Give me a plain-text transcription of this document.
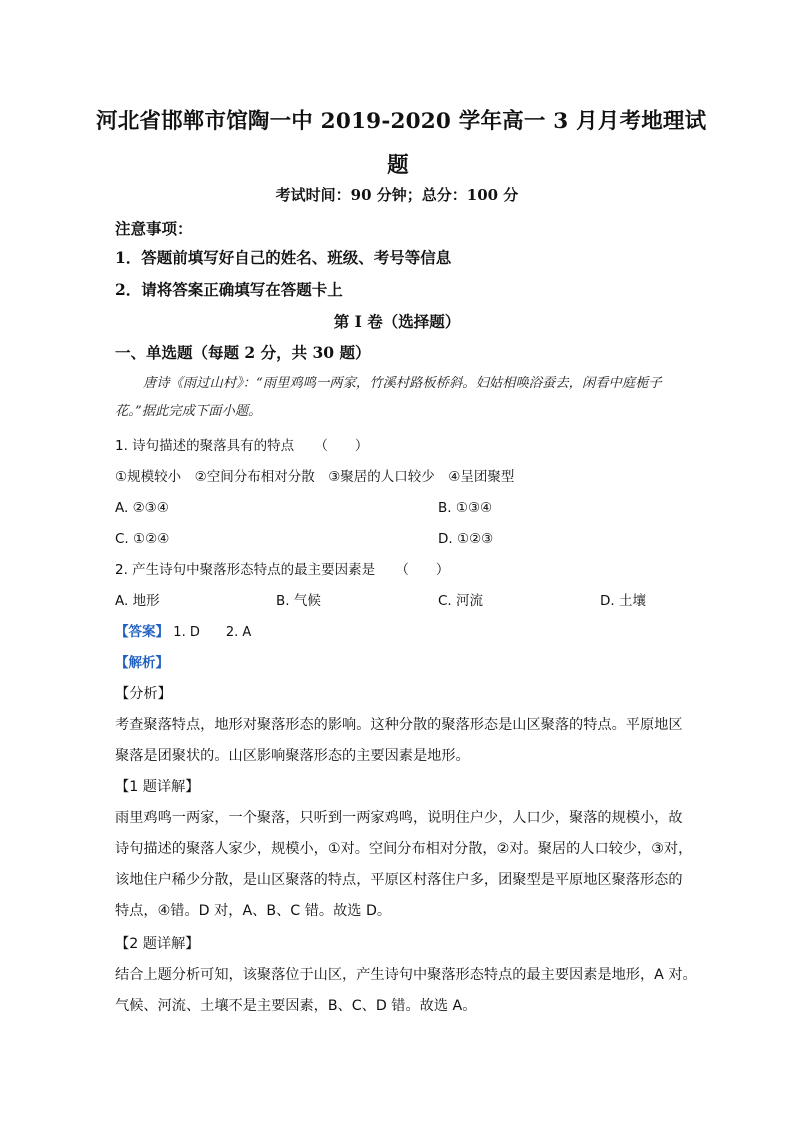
河北省邯郸市馆陶一中 2019-2020 学年高一 3 月月考地理试
题
考试时间：90 分钟；总分：100 分
注意事项：
1．答题前填写好自己的姓名、班级、考号等信息
2．请将答案正确填写在答题卡上
第 I 卷（选择题）
一、单选题（每题 2 分，共 30 题）
唐诗《雨过山村》：“雨里鸡鸣一两家，竹溪村路板桥斜。妇姑相唤浴蚕去，闲看中庭栀子
花。”据此完成下面小题。
1. 诗句描述的聚落具有的特点　　（　　）
①规模较小　②空间分布相对分散　③聚居的人口较少　④呈团聚型
A. ②③④	B. ①③④
C. ①②④	D. ①②③
2. 产生诗句中聚落形态特点的最主要因素是　　（　　）
A. 地形	B. 气候	C. 河流	D. 土壤
【答案】 1. D　　2. A
【解析】
【分析】
考查聚落特点，地形对聚落形态的影响。这种分散的聚落形态是山区聚落的特点。平原地区
聚落是团聚状的。山区影响聚落形态的主要因素是地形。
【1 题详解】
雨里鸡鸣一两家，一个聚落，只听到一两家鸡鸣，说明住户少，人口少，聚落的规模小，故
诗句描述的聚落人家少，规模小，①对。空间分布相对分散，②对。聚居的人口较少，③对，
该地住户稀少分散，是山区聚落的特点，平原区村落住户多，团聚型是平原地区聚落形态的
特点，④错。D 对，A、B、C 错。故选 D。
【2 题详解】
结合上题分析可知，该聚落位于山区，产生诗句中聚落形态特点的最主要因素是地形，A 对。
气候、河流、土壤不是主要因素，B、C、D 错。故选 A。
